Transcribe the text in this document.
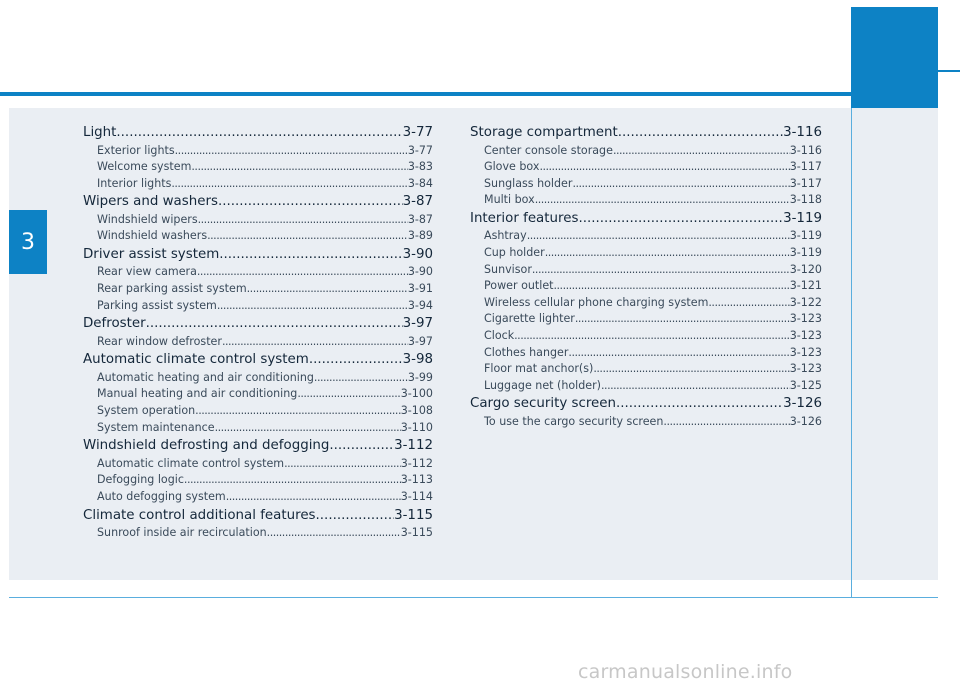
3
Light .....	3-77
Exterior lights .....	3-77
Welcome system .....	3-83
Interior lights .....	3-84
Wipers and washers .....	3-87
Windshield wipers .....	3-87
Windshield washers .....	3-89
Driver assist system .....	3-90
Rear view camera .....	3-90
Rear parking assist system .....	3-91
Parking assist system .....	3-94
Defroster .....	3-97
Rear window defroster .....	3-97
Automatic climate control system .....	3-98
Automatic heating and air conditioning .....	3-99
Manual heating and air conditioning .....	3-100
System operation .....	3-108
System maintenance .....	3-110
Windshield defrosting and defogging .....	3-112
Automatic climate control system .....	3-112
Defogging logic .....	3-113
Auto defogging system .....	3-114
Climate control additional features .....	3-115
Sunroof inside air recirculation .....	3-115
Storage compartment .....	3-116
Center console storage .....	3-116
Glove box .....	3-117
Sunglass holder .....	3-117
Multi box .....	3-118
Interior features .....	3-119
Ashtray .....	3-119
Cup holder .....	3-119
Sunvisor .....	3-120
Power outlet .....	3-121
Wireless cellular phone charging system .....	3-122
Cigarette lighter .....	3-123
Clock .....	3-123
Clothes hanger .....	3-123
Floor mat anchor(s) .....	3-123
Luggage net (holder) .....	3-125
Cargo security screen .....	3-126
To use the cargo security screen .....	3-126
carmanualsonline.info
